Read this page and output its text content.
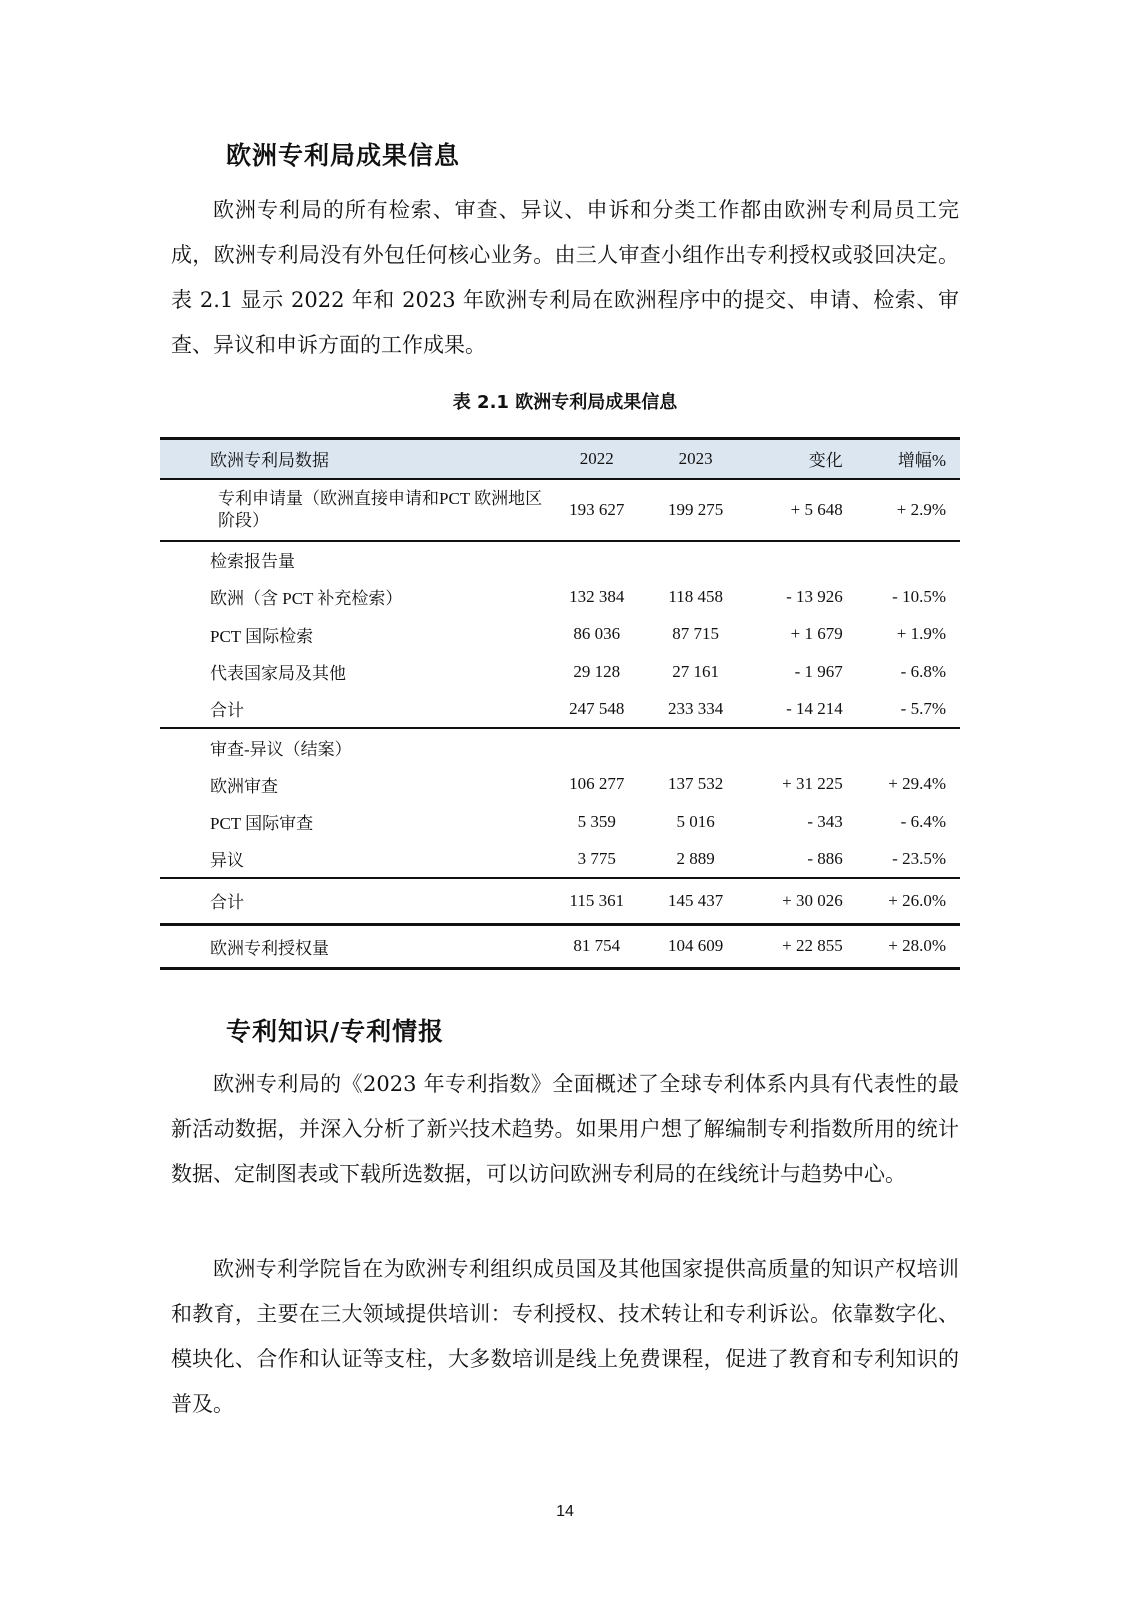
欧洲专利局成果信息

欧洲专利局的所有检索、审查、异议、申诉和分类工作都由欧洲专利局员工完成，欧洲专利局没有外包任何核心业务。由三人审查小组作出专利授权或驳回决定。表 2.1 显示 2022 年和 2023 年欧洲专利局在欧洲程序中的提交、申请、检索、审查、异议和申诉方面的工作成果。

表 2.1 欧洲专利局成果信息
欧洲专利局数据	2022	2023	变化	增幅%
专利申请量（欧洲直接申请和PCT 欧洲地区阶段）	193 627	199 275	+ 5 648	+ 2.9%
检索报告量				
欧洲（含 PCT 补充检索）	132 384	118 458	- 13 926	- 10.5%
PCT 国际检索	86 036	87 715	+ 1 679	+ 1.9%
代表国家局及其他	29 128	27 161	- 1 967	- 6.8%
合计	247 548	233 334	- 14 214	- 5.7%
审查-异议（结案）				
欧洲审查	106 277	137 532	+ 31 225	+ 29.4%
PCT 国际审查	5 359	5 016	- 343	- 6.4%
异议	3 775	2 889	- 886	- 23.5%
合计	115 361	145 437	+ 30 026	+ 26.0%
欧洲专利授权量	81 754	104 609	+ 22 855	+ 28.0%
专利知识/专利情报

欧洲专利局的《2023 年专利指数》全面概述了全球专利体系内具有代表性的最新活动数据，并深入分析了新兴技术趋势。如果用户想了解编制专利指数所用的统计数据、定制图表或下载所选数据，可以访问欧洲专利局的在线统计与趋势中心。

欧洲专利学院旨在为欧洲专利组织成员国及其他国家提供高质量的知识产权培训和教育，主要在三大领域提供培训：专利授权、技术转让和专利诉讼。依靠数字化、模块化、合作和认证等支柱，大多数培训是线上免费课程，促进了教育和专利知识的普及。

14
